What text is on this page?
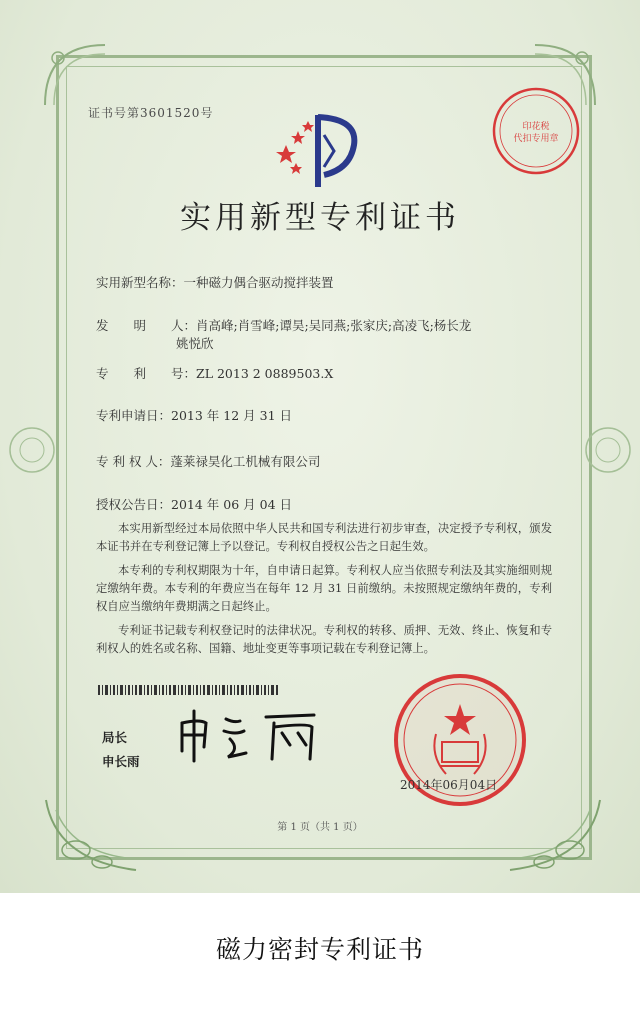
证书号第3601520号
印花税
代扣专用章
实用新型专利证书
实用新型名称：一种磁力偶合驱动搅拌装置
发　　明　　人：肖高峰;肖雪峰;谭昊;吴同燕;张家庆;高凌飞;杨长龙
姚悦欣
专　　利　　号：ZL 2013 2 0889503.X
专利申请日：2013 年 12 月 31 日
专 利 权 人：蓬莱禄昊化工机械有限公司
授权公告日：2014 年 06 月 04 日

本实用新型经过本局依照中华人民共和国专利法进行初步审查，决定授予专利权，颁发本证书并在专利登记簿上予以登记。专利权自授权公告之日起生效。

本专利的专利权期限为十年，自申请日起算。专利权人应当依照专利法及其实施细则规定缴纳年费。本专利的年费应当在每年 12 月 31 日前缴纳。未按照规定缴纳年费的，专利权自应当缴纳年费期满之日起终止。

专利证书记载专利权登记时的法律状况。专利权的转移、质押、无效、终止、恢复和专利权人的姓名或名称、国籍、地址变更等事项记载在专利登记簿上。

局长
申长雨
2014年06月04日
第 1 页（共 1 页）
磁力密封专利证书
